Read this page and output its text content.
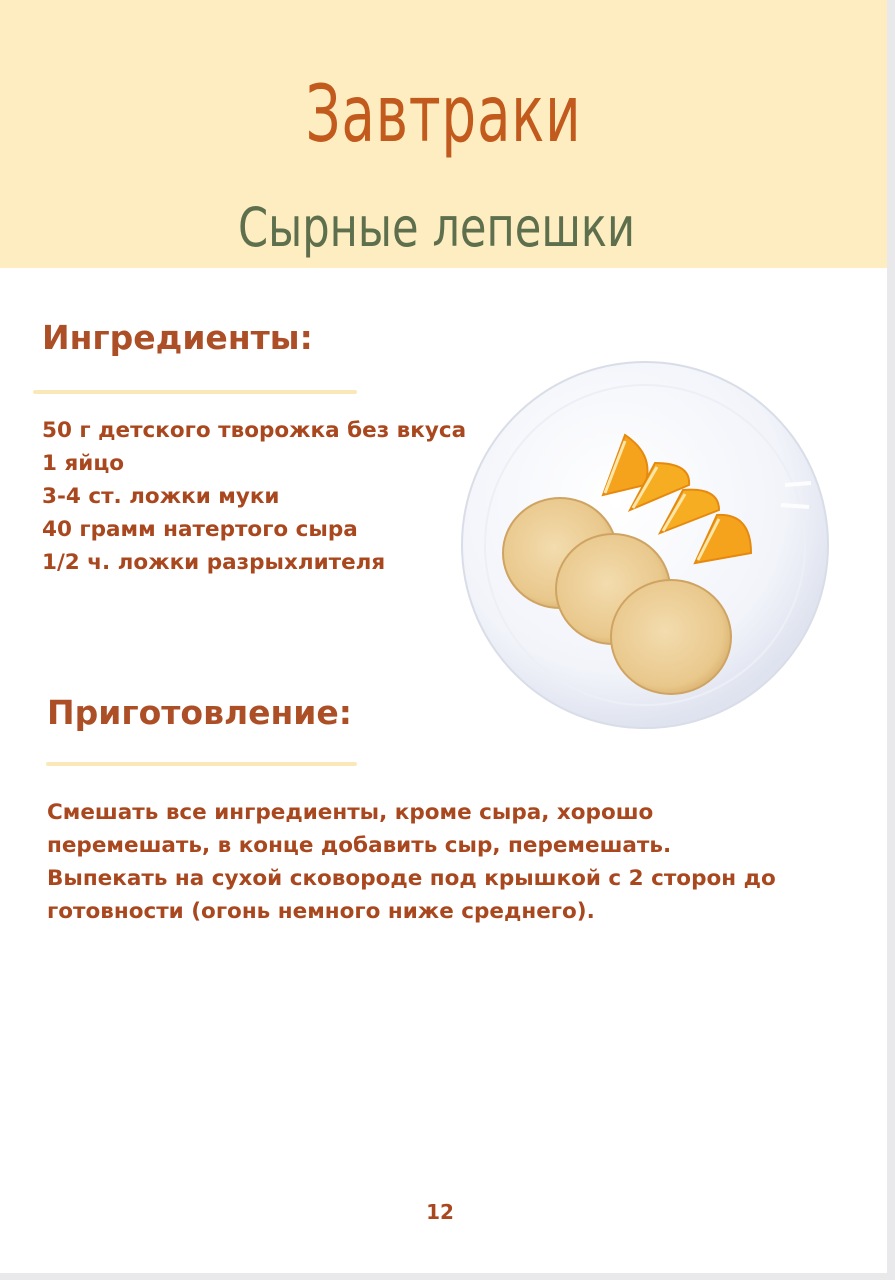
Завтраки
Сырные лепешки
Ингредиенты:
50 г детского творожка без вкуса
1 яйцо
3-4 ст. ложки муки
40 грамм натертого сыра
1/2 ч. ложки разрыхлителя
Приготовление:
Смешать все ингредиенты, кроме сыра, хорошо
перемешать, в конце добавить сыр, перемешать.
Выпекать на сухой сковороде под крышкой с 2 сторон до
готовности (огонь немного ниже среднего).
12
